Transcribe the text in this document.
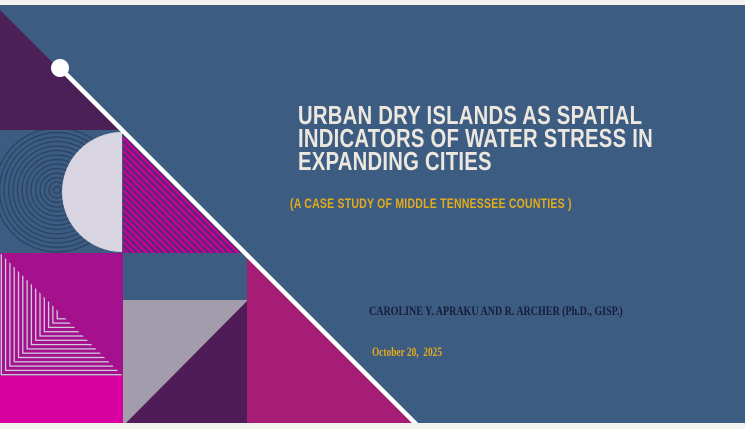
URBAN DRY ISLANDS AS SPATIAL
INDICATORS OF WATER STRESS IN
EXPANDING CITIES
(A CASE STUDY OF MIDDLE TENNESSEE COUNTIES )
CAROLINE Y. APRAKU AND R. ARCHER (Ph.D., GISP.)
October 20,  2025
